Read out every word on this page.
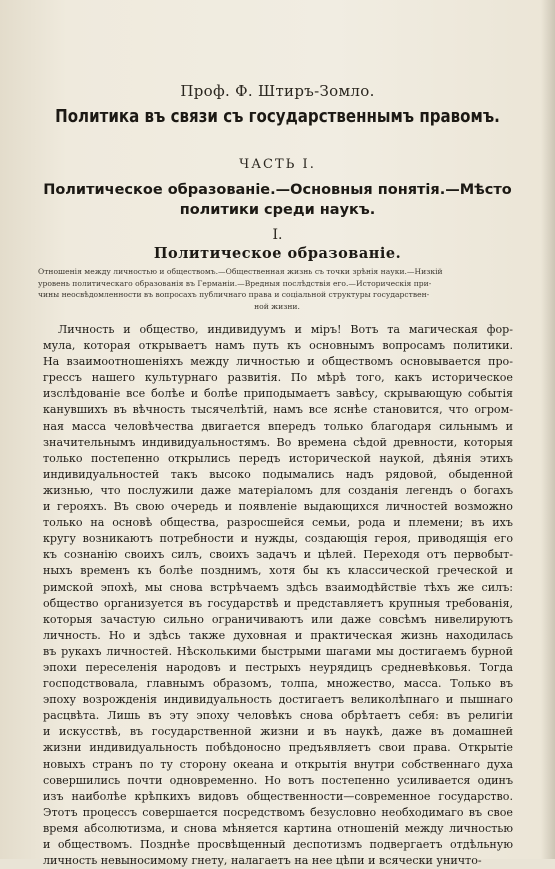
Проф. Ф. Штиръ-Зомло.
Политика въ связи съ государственнымъ правомъ.
ЧАСТЬ I.
Политическое образованіе.—Основныя понятія.—Мѣсто политики среди наукъ.
I.
Политическое образованіе.
Отношенія между личностью и обществомъ.—Общественная жизнь съ точки зрѣнія науки.—Низкій
уровень политическаго образованія въ Германіи.—Вредныя послѣдствія его.—Историческія при-
чины неосвѣдомленности въ вопросахъ публичнаго права и соціальной структуры государствен-
ной жизни.
Личность и общество, индивидуумъ и міръ! Вотъ та магическая фор-
мула, которая открываетъ намъ путь къ основнымъ вопросамъ политики.
На взаимоотношеніяхъ между личностью и обществомъ основывается про-
грессъ нашего культурнаго развитія. По мѣрѣ того, какъ историческое
изслѣдованіе все болѣе и болѣе приподымаетъ завѣсу, скрывающую событія
канувшихъ въ вѣчность тысячелѣтій, намъ все яснѣе становится, что огром-
ная масса человѣчества двигается впередъ только благодаря сильнымъ и
значительнымъ индивидуальностямъ. Во времена сѣдой древности, которыя
только постепенно открылись передъ исторической наукой, дѣянія этихъ
индивидуальностей такъ высоко подымались надъ рядовой, обыденной
жизнью, что послужили даже матеріаломъ для созданія легендъ о богахъ
и герояхъ. Въ свою очередь и появленіе выдающихся личностей возможно
только на основѣ общества, разросшейся семьи, рода и племени; въ ихъ
кругу возникаютъ потребности и нужды, создающія героя, приводящія его
къ сознанію своихъ силъ, своихъ задачъ и цѣлей. Переходя отъ первобыт-
ныхъ временъ къ болѣе позднимъ, хотя бы къ классической греческой и
римской эпохѣ, мы снова встрѣчаемъ здѣсь взаимодѣйствіе тѣхъ же силъ:
общество организуется въ государствѣ и представляетъ крупныя требованія,
которыя зачастую сильно ограничиваютъ или даже совсѣмъ нивелируютъ
личность. Но и здѣсь также духовная и практическая жизнь находилась
въ рукахъ личностей. Нѣсколькими быстрыми шагами мы достигаемъ бурной
эпохи переселенія народовъ и пестрыхъ неурядицъ средневѣковья. Тогда
господствовала, главнымъ образомъ, толпа, множество, масса. Только въ
эпоху возрожденія индивидуальность достигаетъ великолѣпнаго и пышнаго
расцвѣта. Лишь въ эту эпоху человѣкъ снова обрѣтаетъ себя: въ религіи
и искусствѣ, въ государственной жизни и въ наукѣ, даже въ домашней
жизни индивидуальность побѣдоносно предъявляетъ свои права. Открытіе
новыхъ странъ по ту сторону океана и открытія внутри собственнаго духа
совершились почти одновременно. Но вотъ постепенно усиливается одинъ
изъ наиболѣе крѣпкихъ видовъ общественности—современное государство.
Этотъ процессъ совершается посредствомъ безусловно необходимаго въ свое
время абсолютизма, и снова мѣняется картина отношеній между личностью
и обществомъ. Позднѣе просвѣщенный деспотизмъ подвергаетъ отдѣльную
личность невыносимому гнету, налагаетъ на нее цѣпи и всячески уничто-
